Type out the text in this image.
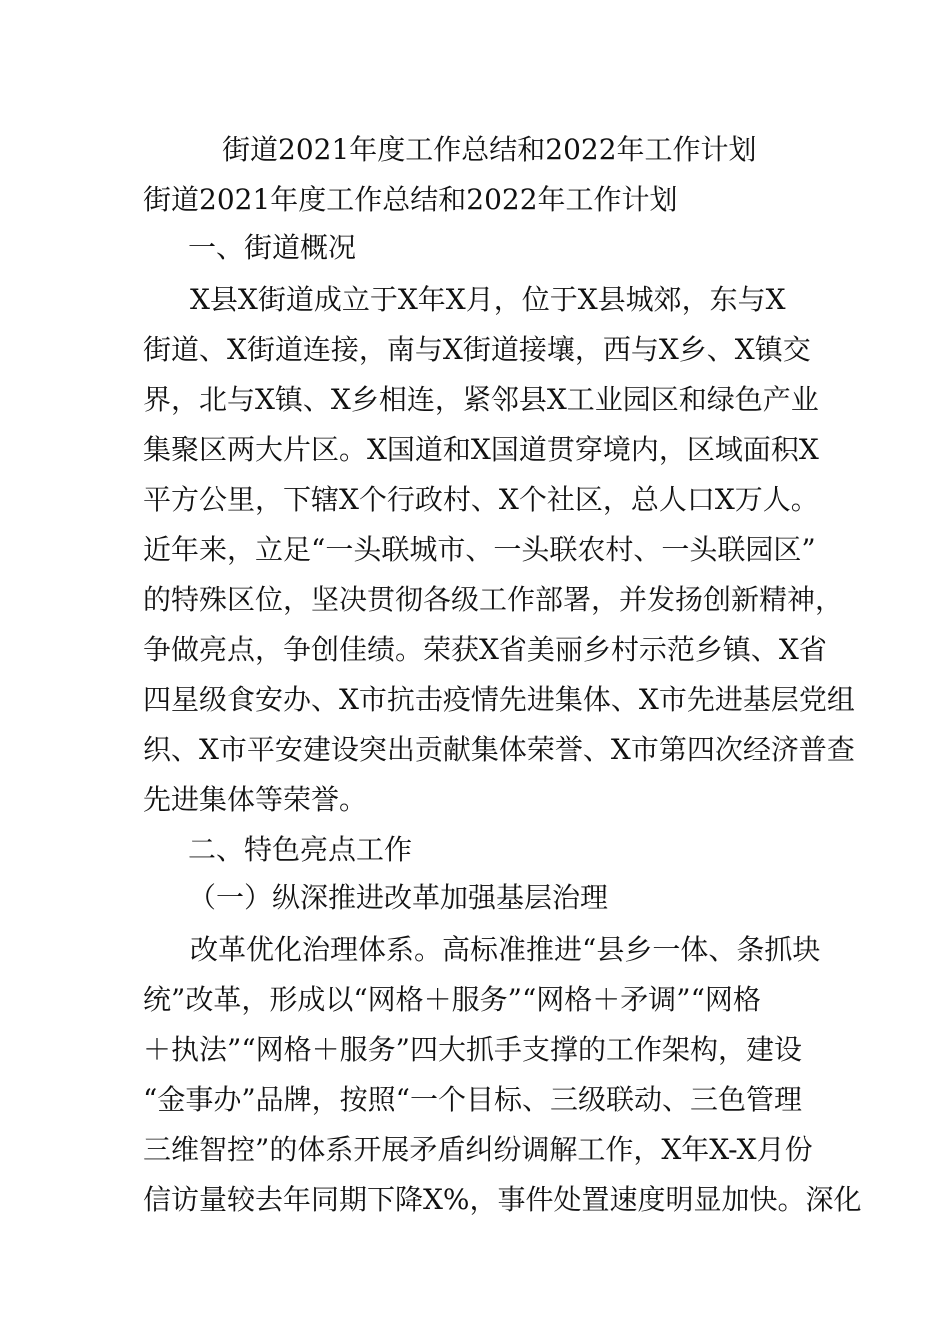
街道2021年度工作总结和2022年工作计划
街道2021年度工作总结和2022年工作计划
一、街道概况
X县X街道成立于X年X月，位于X县城郊，东与X
街道、X街道连接，南与X街道接壤，西与X乡、X镇交
界，北与X镇、X乡相连，紧邻县X工业园区和绿色产业
集聚区两大片区。X国道和X国道贯穿境内，区域面积X
平方公里，下辖X个行政村、X个社区，总人口X万人。
近年来，立足“一头联城市、一头联农村、一头联园区”
的特殊区位，坚决贯彻各级工作部署，并发扬创新精神，
争做亮点，争创佳绩。荣获X省美丽乡村示范乡镇、X省
四星级食安办、X市抗击疫情先进集体、X市先进基层党组
织、X市平安建设突出贡献集体荣誉、X市第四次经济普查
先进集体等荣誉。
二、特色亮点工作
（一）纵深推进改革加强基层治理
改革优化治理体系。高标准推进“县乡一体、条抓块
统”改革，形成以“网格＋服务”“网格＋矛调”“网格
＋执法”“网格＋服务”四大抓手支撑的工作架构，建设
“金事办”品牌，按照“一个目标、三级联动、三色管理
三维智控”的体系开展矛盾纠纷调解工作，X年X-X月份
信访量较去年同期下降X%，事件处置速度明显加快。深化
